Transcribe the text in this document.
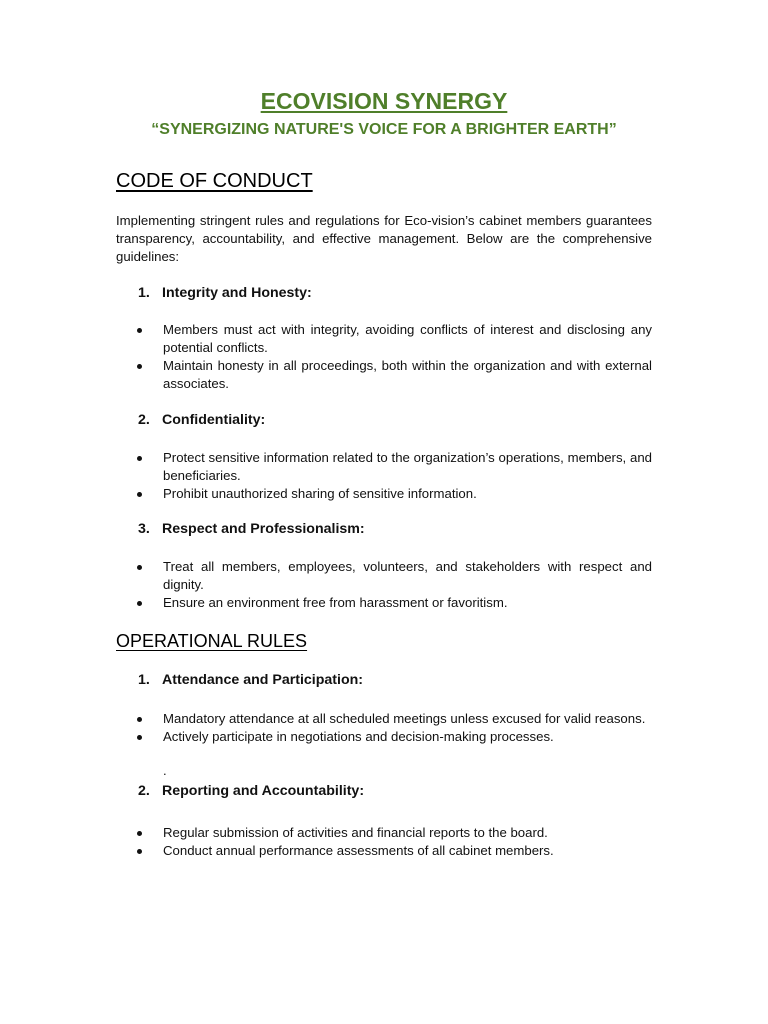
ECOVISION SYNERGY

“SYNERGIZING NATURE'S VOICE FOR A BRIGHTER EARTH”

CODE OF CONDUCT

Implementing stringent rules and regulations for Eco-vision’s cabinet members guarantees transparency, accountability, and effective management. Below are the comprehensive guidelines:

1. Integrity and Honesty:
Members must act with integrity, avoiding conflicts of interest and disclosing any potential conflicts.
Maintain honesty in all proceedings, both within the organization and with external associates.
2. Confidentiality:
Protect sensitive information related to the organization’s operations, members, and beneficiaries.
Prohibit unauthorized sharing of sensitive information.
3. Respect and Professionalism:
Treat all members, employees, volunteers, and stakeholders with respect and dignity.
Ensure an environment free from harassment or favoritism.
OPERATIONAL RULES
1. Attendance and Participation:
Mandatory attendance at all scheduled meetings unless excused for valid reasons.
Actively participate in negotiations and decision-making processes.
.
2. Reporting and Accountability:
Regular submission of activities and financial reports to the board.
Conduct annual performance assessments of all cabinet members.
